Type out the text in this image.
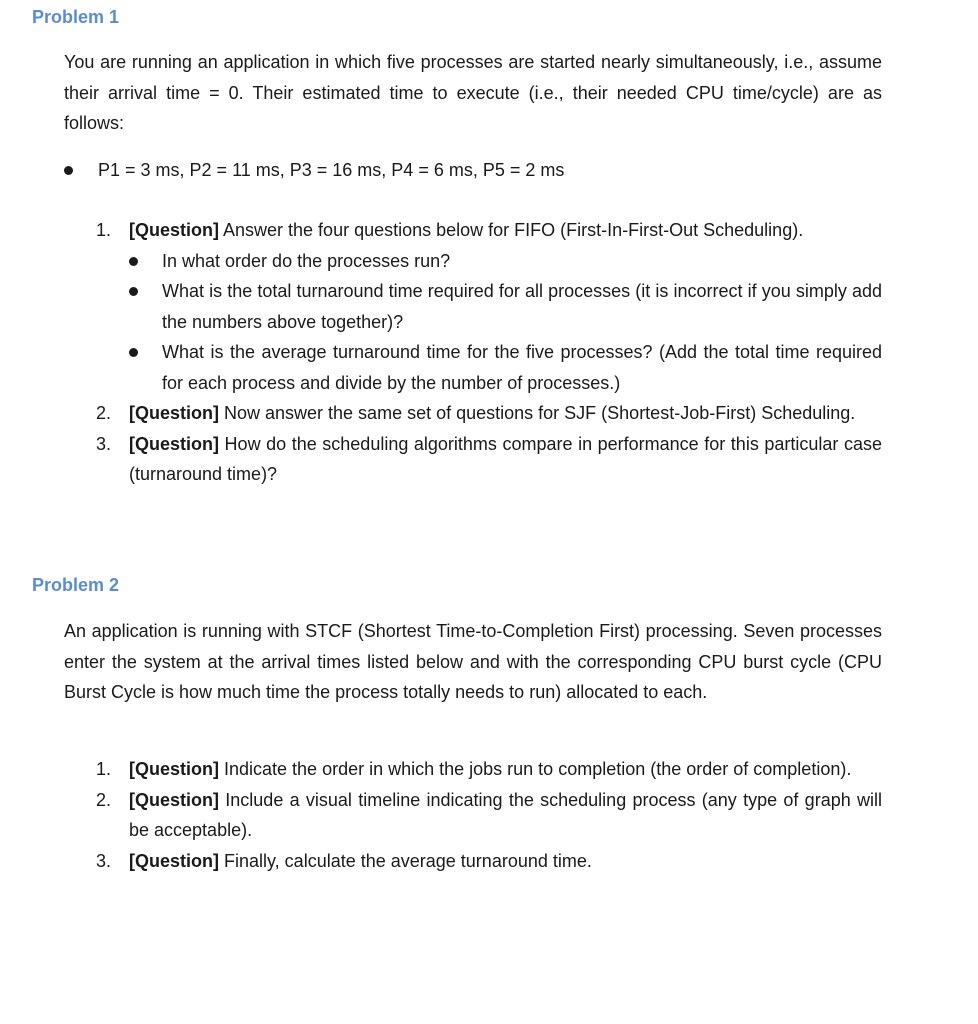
Problem 1

You are running an application in which five processes are started nearly simultaneously, i.e., assume their arrival time = 0. Their estimated time to execute (i.e., their needed CPU time/cycle) are as follows:

P1 = 3 ms, P2 = 11 ms, P3 = 16 ms, P4 = 6 ms, P5 = 2 ms
1. [Question] Answer the four questions below for FIFO (First-In-First-Out Scheduling).
In what order do the processes run?
What is the total turnaround time required for all processes (it is incorrect if you simply add the numbers above together)?
What is the average turnaround time for the five processes? (Add the total time required for each process and divide by the number of processes.)
2. [Question] Now answer the same set of questions for SJF (Shortest-Job-First) Scheduling.
3. [Question] How do the scheduling algorithms compare in performance for this particular case (turnaround time)?
Problem 2

An application is running with STCF (Shortest Time-to-Completion First) processing. Seven processes enter the system at the arrival times listed below and with the corresponding CPU burst cycle (CPU Burst Cycle is how much time the process totally needs to run) allocated to each.

1. [Question] Indicate the order in which the jobs run to completion (the order of completion).
2. [Question] Include a visual timeline indicating the scheduling process (any type of graph will be acceptable).
3. [Question] Finally, calculate the average turnaround time.
